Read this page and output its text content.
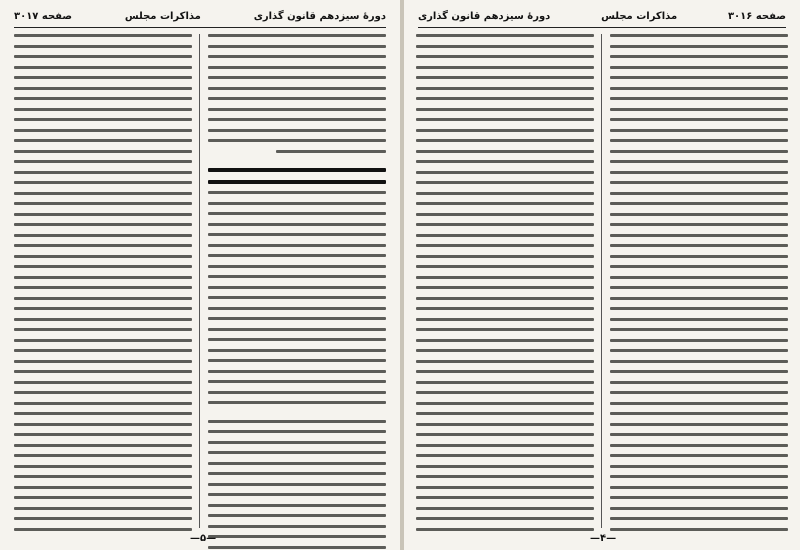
دورهٔ سیزدهم قانون گذاری
مذاکرات مجلس
صفحه ۳۰۱۷
—۵—
صفحه ۳۰۱۶
مذاکرات مجلس
دورهٔ سیزدهم قانون گذاری
—۴—
